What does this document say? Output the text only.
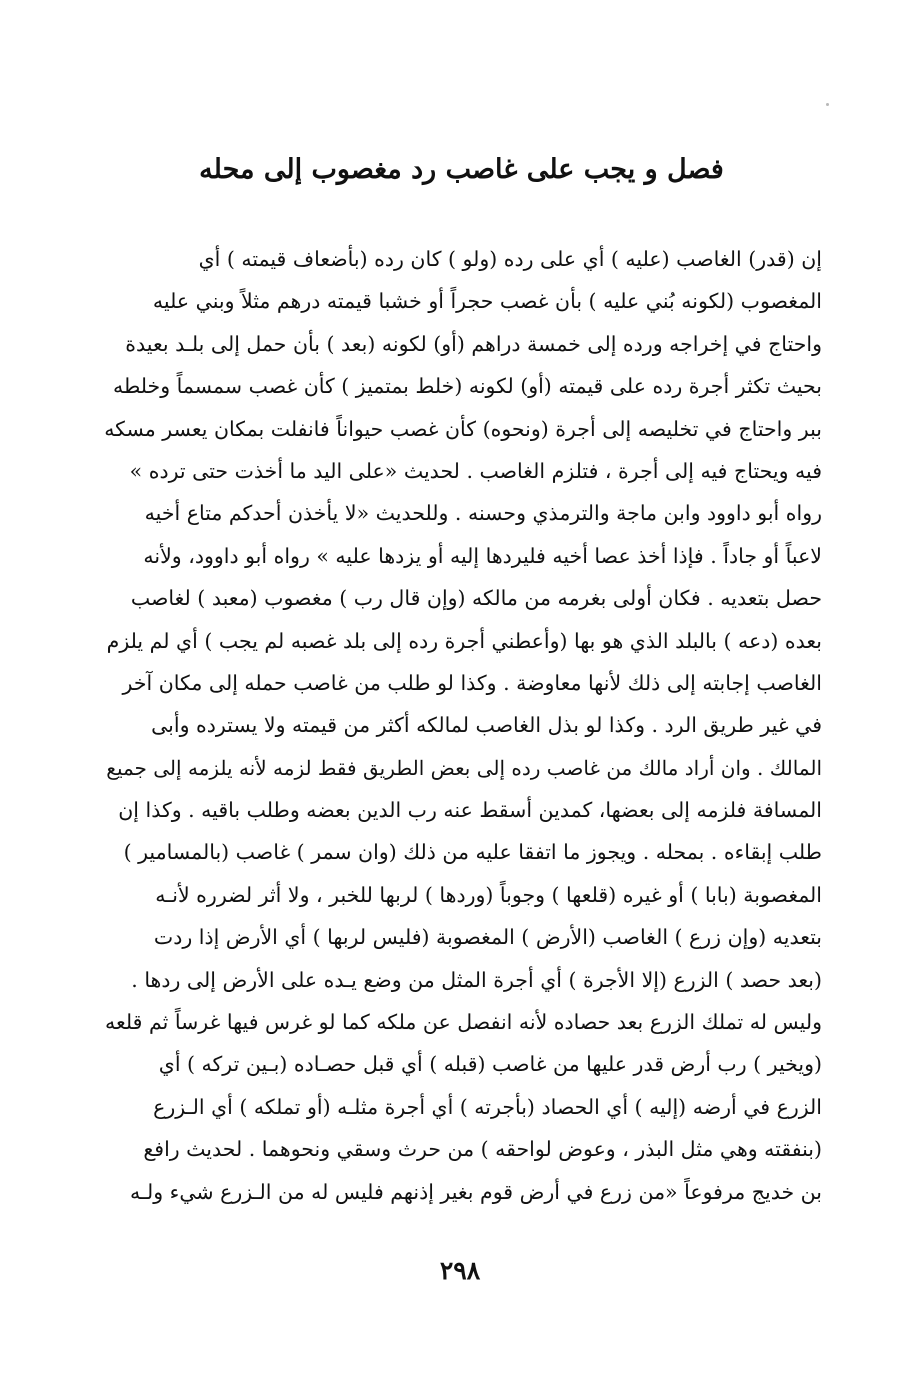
فصل و يجب على غاصب رد مغصوب إلى محله
إن (قدر) الغاصب (عليه ) أي على رده (ولو ) كان رده (بأضعاف قيمته ) أي
المغصوب (لكونه بُني عليه ) بأن غصب حجراً أو خشبا قيمته درهم مثلاً وبني عليه
واحتاج في إخراجه ورده إلى خمسة دراهم (أو) لكونه (بعد ) بأن حمل إلى بلـد بعيدة
بحيث تكثر أجرة رده على قيمته (أو) لكونه (خلط بمتميز ) كأن غصب سمسماً وخلطه
ببر واحتاج في تخليصه إلى أجرة (ونحوه) كأن غصب حيواناً فانفلت بمكان يعسر مسكه
فيه ويحتاج فيه إلى أجرة ، فتلزم الغاصب . لحديث «على اليد ما أخذت حتى ترده »
رواه أبو داوود وابن ماجة والترمذي وحسنه . وللحديث «لا يأخذن أحدكم متاع أخيه
لاعباً أو جاداً . فإذا أخذ عصا أخيه فليردها إليه أو يزدها عليه » رواه أبو داوود، ولأنه
حصل بتعديه . فكان أولى بغرمه من مالكه (وإن قال رب ) مغصوب (معبد ) لغاصب
بعده (دعه ) بالبلد الذي هو بها (وأعطني أجرة رده إلى بلد غصبه لم يجب ) أي لم يلزم
الغاصب إجابته إلى ذلك لأنها معاوضة . وكذا لو طلب من غاصب حمله إلى مكان آخر
في غير طريق الرد . وكذا لو بذل الغاصب لمالكه أكثر من قيمته ولا يسترده وأبى
المالك . وان أراد مالك من غاصب رده إلى بعض الطريق فقط لزمه لأنه يلزمه إلى جميع
المسافة فلزمه إلى بعضها، كمدين أسقط عنه رب الدين بعضه وطلب باقيه . وكذا إن
طلب إبقاءه . بمحله . ويجوز ما اتفقا عليه من ذلك (وان سمر ) غاصب (بالمسامير )
المغصوبة (بابا ) أو غيره (قلعها ) وجوباً (وردها ) لربها للخبر ، ولا أثر لضرره لأنـه
بتعديه (وإن زرع ) الغاصب (الأرض ) المغصوبة (فليس لربها ) أي الأرض إذا ردت
(بعد حصد ) الزرع (إلا الأجرة ) أي أجرة المثل من وضع يـده على الأرض إلى ردها .
وليس له تملك الزرع بعد حصاده لأنه انفصل عن ملكه كما لو غرس فيها غرساً ثم قلعه
(ويخير ) رب أرض قدر عليها من غاصب (قبله ) أي قبل حصـاده (بـين تركه ) أي
الزرع في أرضه (إليه ) أي الحصاد (بأجرته ) أي أجرة مثلـه (أو تملكه ) أي الـزرع
(بنفقته وهي مثل البذر ، وعوض لواحقه ) من حرث وسقي ونحوهما . لحديث رافع
بن خديج مرفوعاً «من زرع في أرض قوم بغير إذنهم فليس له من الـزرع شيء ولـه
٢٩٨
